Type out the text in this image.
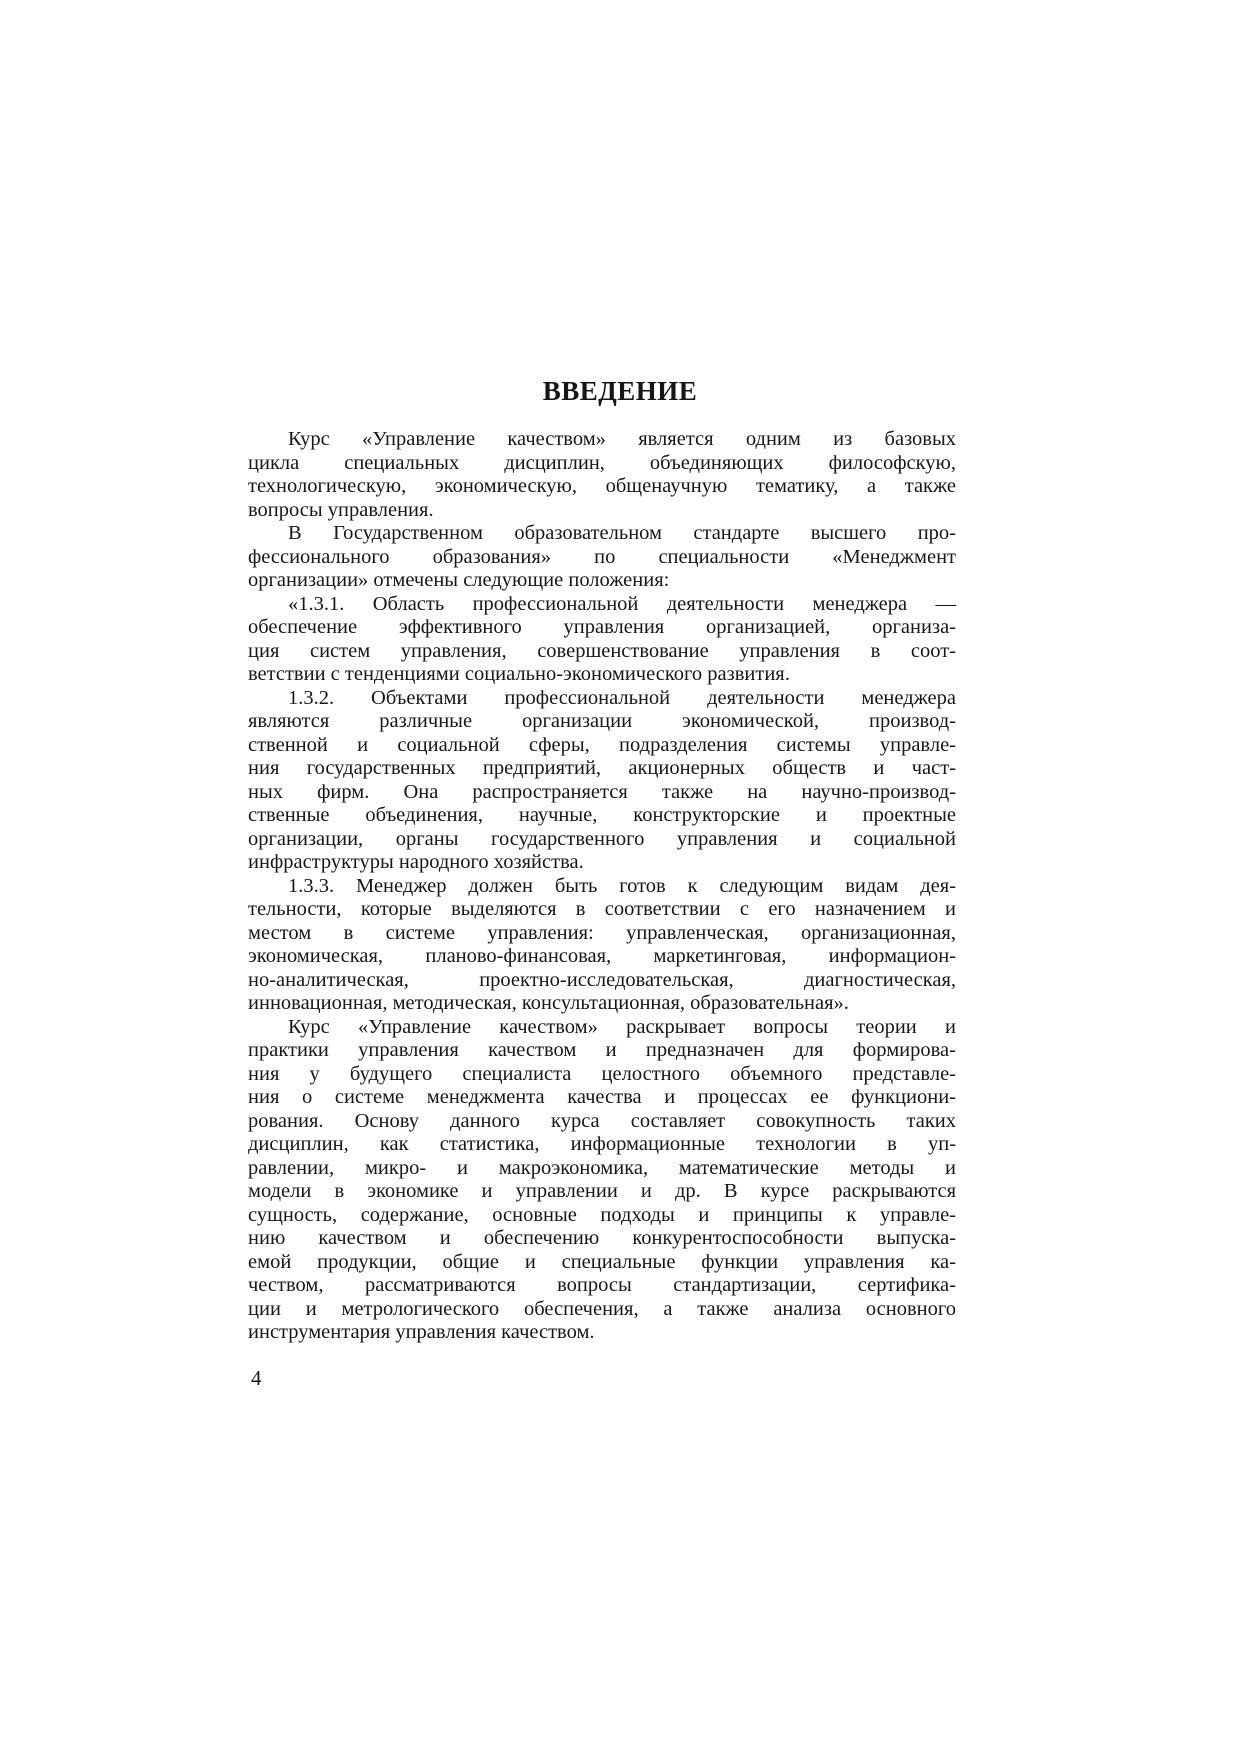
ВВЕДЕНИЕ
Курс «Управление качеством» является одним из базовых
цикла специальных дисциплин, объединяющих философскую,
технологическую, экономическую, общенаучную тематику, а также
вопросы управления.
В Государственном образовательном стандарте высшего про-
фессионального образования» по специальности «Менеджмент
организации» отмечены следующие положения:
«1.3.1. Область профессиональной деятельности менеджера —
обеспечение эффективного управления организацией, организа-
ция систем управления, совершенствование управления в соот-
ветствии с тенденциями социально-экономического развития.
1.3.2. Объектами профессиональной деятельности менеджера
являются различные организации экономической, производ-
ственной и социальной сферы, подразделения системы управле-
ния государственных предприятий, акционерных обществ и част-
ных фирм. Она распространяется также на научно-производ-
ственные объединения, научные, конструкторские и проектные
организации, органы государственного управления и социальной
инфраструктуры народного хозяйства.
1.3.3. Менеджер должен быть готов к следующим видам дея-
тельности, которые выделяются в соответствии с его назначением и
местом в системе управления: управленческая, организационная,
экономическая, планово-финансовая, маркетинговая, информацион-
но-аналитическая, проектно-исследовательская, диагностическая,
инновационная, методическая, консультационная, образовательная».
Курс «Управление качеством» раскрывает вопросы теории и
практики управления качеством и предназначен для формирова-
ния у будущего специалиста целостного объемного представле-
ния о системе менеджмента качества и процессах ее функциони-
рования. Основу данного курса составляет совокупность таких
дисциплин, как статистика, информационные технологии в уп-
равлении, микро- и макроэкономика, математические методы и
модели в экономике и управлении и др. В курсе раскрываются
сущность, содержание, основные подходы и принципы к управле-
нию качеством и обеспечению конкурентоспособности выпуска-
емой продукции, общие и специальные функции управления ка-
чеством, рассматриваются вопросы стандартизации, сертифика-
ции и метрологического обеспечения, а также анализа основного
инструментария управления качеством.
4
